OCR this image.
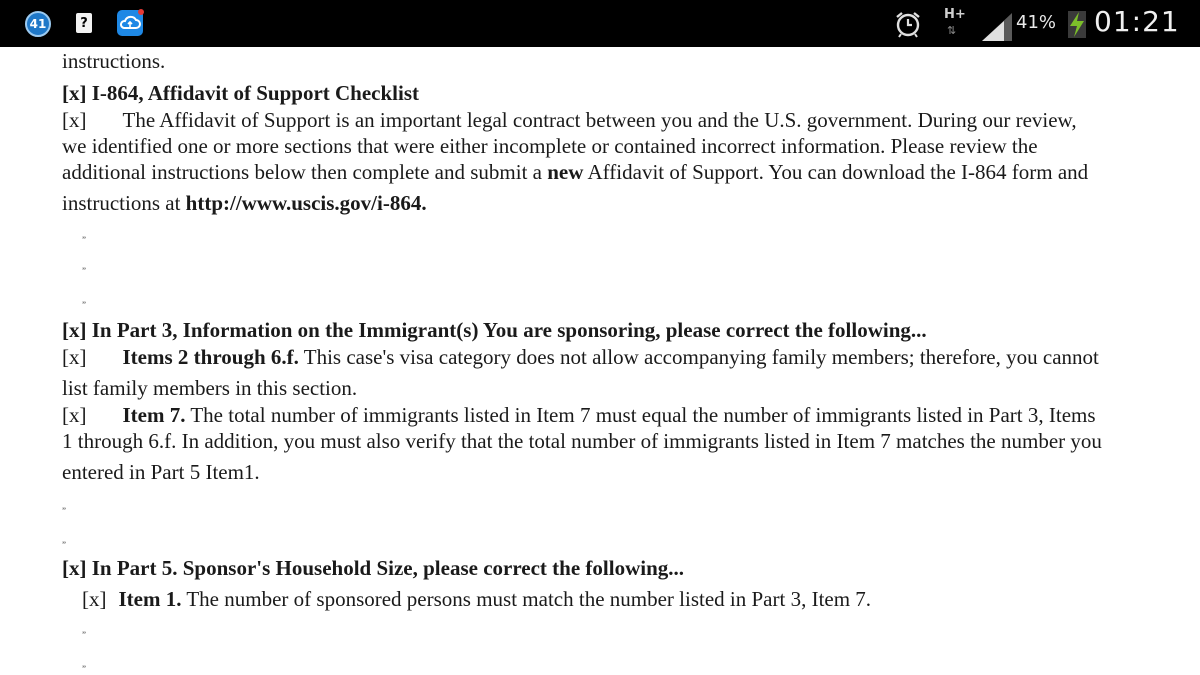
41	?
H+
⇅	41% 01:21
instructions.
[x] I-864, Affidavit of Support Checklist
[x] The Affidavit of Support is an important legal contract between you and the U.S. government. During our review,
we identified one or more sections that were either incomplete or contained incorrect information. Please review the
additional instructions below then complete and submit a new Affidavit of Support. You can download the I-864 form and
instructions at http://www.uscis.gov/i-864.
”
”
”
[x] In Part 3, Information on the Immigrant(s) You are sponsoring, please correct the following...
[x] Items 2 through 6.f. This case's visa category does not allow accompanying family members; therefore, you cannot
list family members in this section.
[x] Item 7. The total number of immigrants listed in Item 7 must equal the number of immigrants listed in Part 3, Items
1 through 6.f. In addition, you must also verify that the total number of immigrants listed in Item 7 matches the number you
entered in Part 5 Item1.
”
”
[x] In Part 5. Sponsor's Household Size, please correct the following...
[x] Item 1. The number of sponsored persons must match the number listed in Part 3, Item 7.
”
”
